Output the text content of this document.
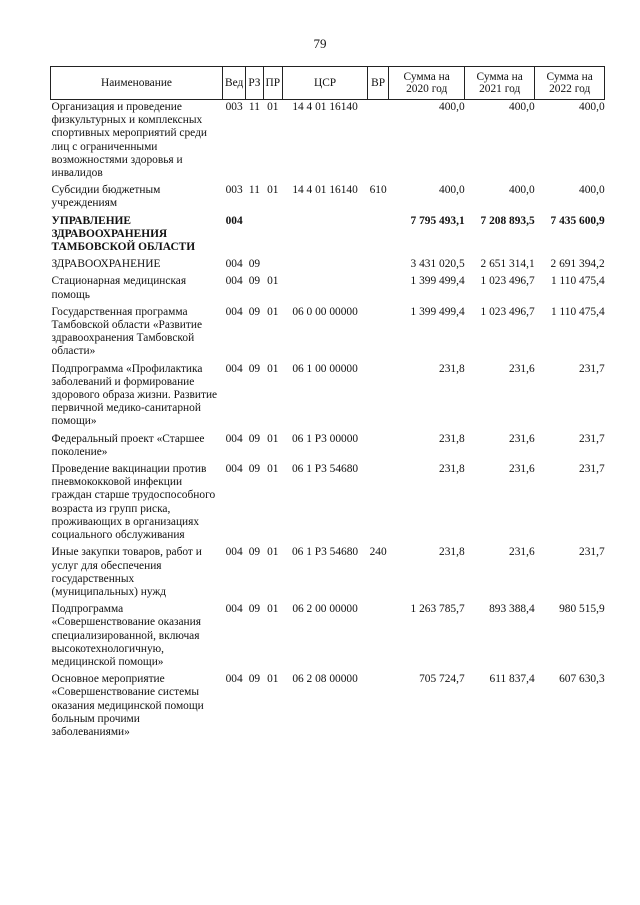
79
Наименование	Вед	РЗ	ПР	ЦСР	ВР	Сумма на 2020 год	Сумма на 2021 год	Сумма на 2022 год
Организация и проведение физкультурных и комплексных спортивных мероприятий среди лиц с ограниченными возможностями здоровья и инвалидов	003	11	01	14 4 01 16140		400,0	400,0	400,0
Субсидии бюджетным учреждениям	003	11	01	14 4 01 16140	610	400,0	400,0	400,0
УПРАВЛЕНИЕ ЗДРАВООХРАНЕНИЯ ТАМБОВСКОЙ ОБЛАСТИ	004					7 795 493,1	7 208 893,5	7 435 600,9
ЗДРАВООХРАНЕНИЕ	004	09				3 431 020,5	2 651 314,1	2 691 394,2
Стационарная медицинская помощь	004	09	01			1 399 499,4	1 023 496,7	1 110 475,4
Государственная программа Тамбовской области «Развитие здравоохранения Тамбовской области»	004	09	01	06 0 00 00000		1 399 499,4	1 023 496,7	1 110 475,4
Подпрограмма «Профилактика заболеваний и формирование здорового образа жизни. Развитие первичной медико-санитарной помощи»	004	09	01	06 1 00 00000		231,8	231,6	231,7
Федеральный проект «Старшее поколение»	004	09	01	06 1 P3 00000		231,8	231,6	231,7
Проведение вакцинации против пневмококковой инфекции граждан старше трудоспособного возраста из групп риска, проживающих в организациях социального обслуживания	004	09	01	06 1 P3 54680		231,8	231,6	231,7
Иные закупки товаров, работ и услуг для обеспечения государственных (муниципальных) нужд	004	09	01	06 1 P3 54680	240	231,8	231,6	231,7
Подпрограмма «Совершенствование оказания специализированной, включая высокотехнологичную, медицинской помощи»	004	09	01	06 2 00 00000		1 263 785,7	893 388,4	980 515,9
Основное мероприятие «Совершенствование системы оказания медицинской помощи больным прочими заболеваниями»	004	09	01	06 2 08 00000		705 724,7	611 837,4	607 630,3
